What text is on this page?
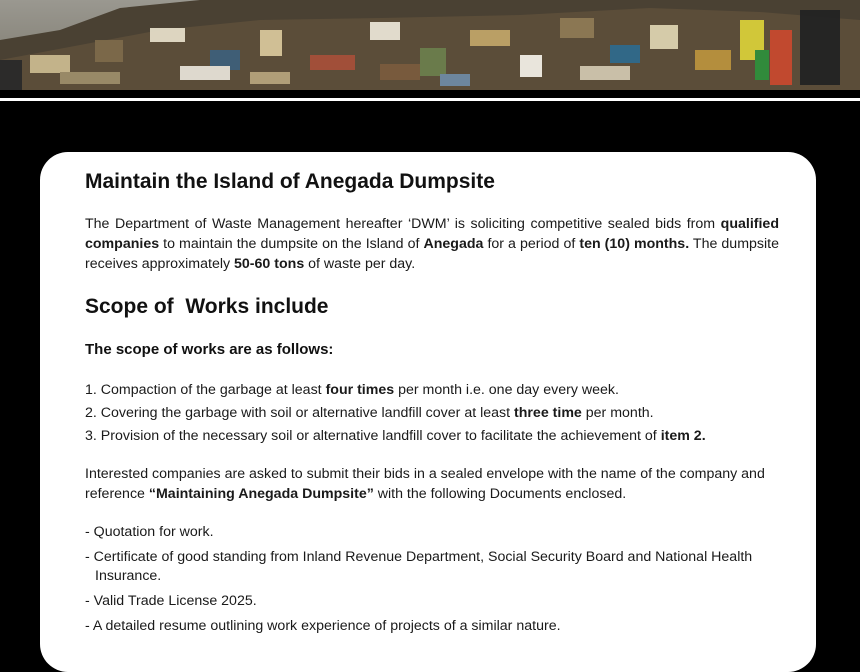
Maintain the Island of Anegada Dumpsite

The Department of Waste Management hereafter ‘DWM’ is soliciting competitive sealed bids from qualified companies to maintain the dumpsite on the Island of Anegada for a period of ten (10) months. The dumpsite receives approximately 50-60 tons of waste per day.

Scope of  Works include
The scope of works are as follows:
1. Compaction of the garbage at least four times per month i.e. one day every week.
2. Covering the garbage with soil or alternative landfill cover at least three time per month.
3. Provision of the necessary soil or alternative landfill cover to facilitate the achievement of item 2.

Interested companies are asked to submit their bids in a sealed envelope with the name of the company and reference “Maintaining Anegada Dumpsite” with the following Documents enclosed.

- Quotation for work.
- Certificate of good standing from Inland Revenue Department, Social Security Board and National Health Insurance.
- Valid Trade License 2025.
- A detailed resume outlining work experience of projects of a similar nature.
